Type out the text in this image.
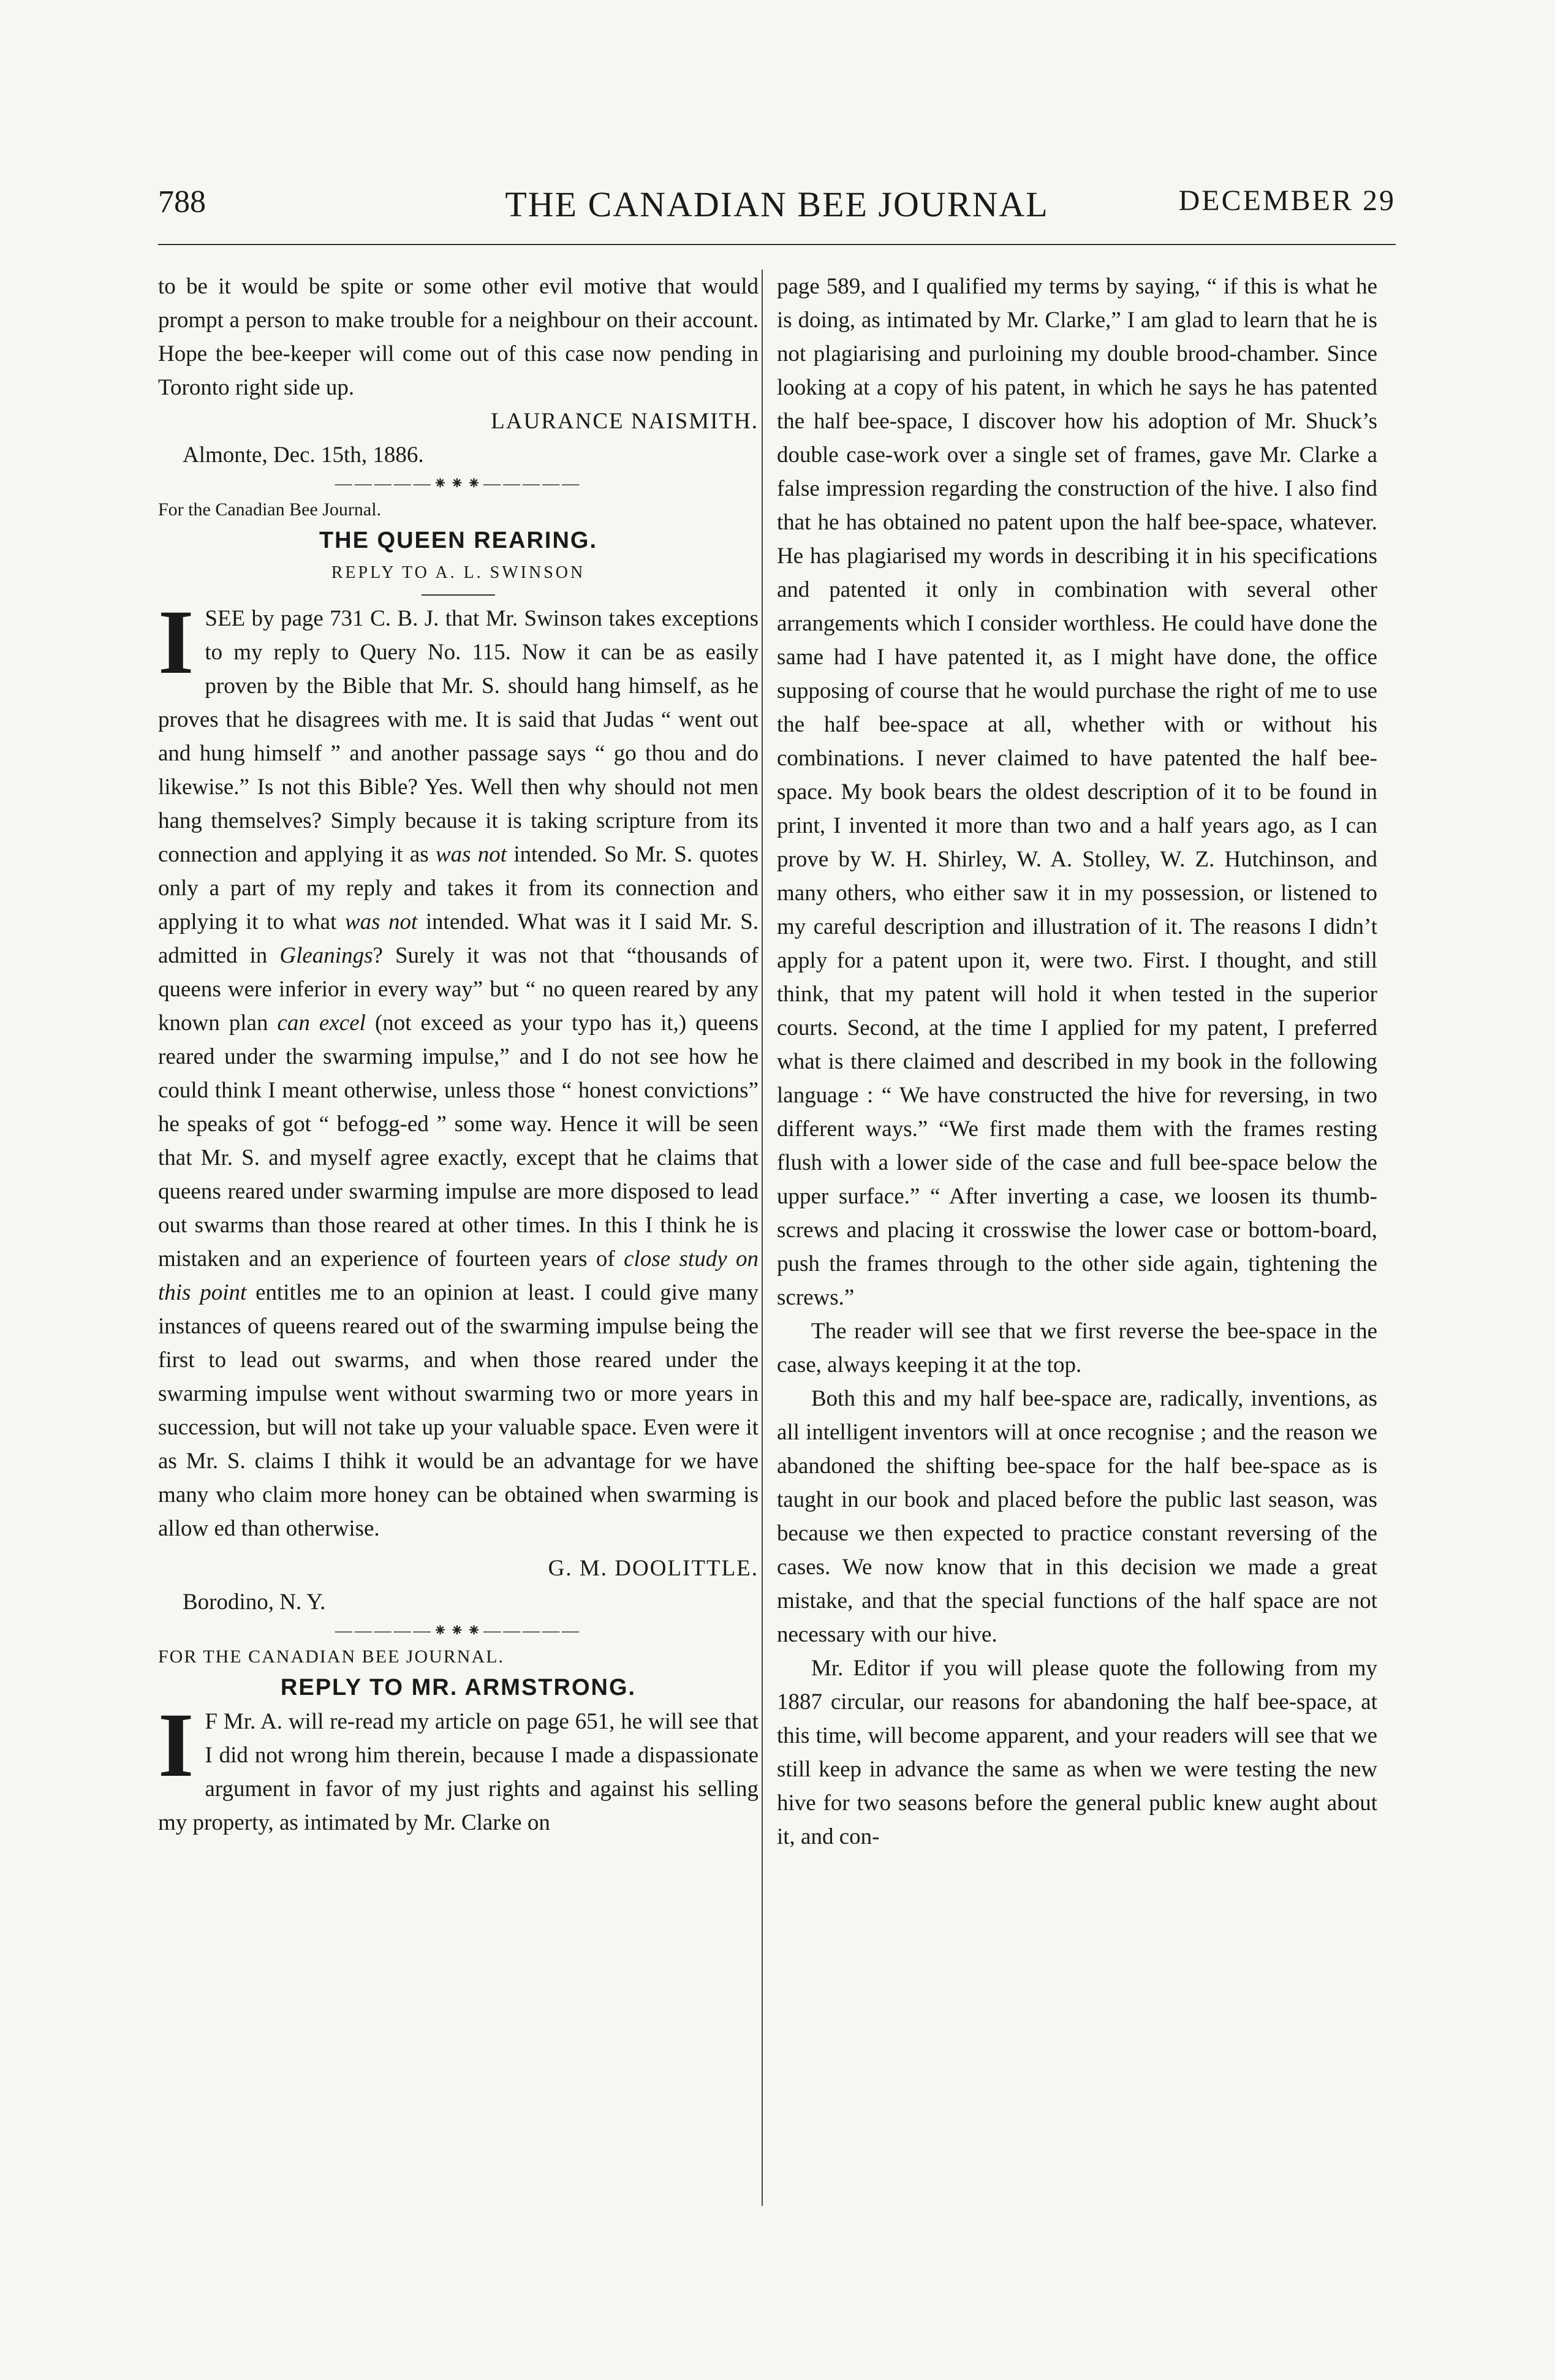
788	THE CANADIAN BEE JOURNAL	DECEMBER 29

to be it would be spite or some other evil motive that would prompt a person to make trouble for a neighbour on their account. Hope the bee-keeper will come out of this case now pending in Toronto right side up.

LAURANCE NAISMITH.

Almonte, Dec. 15th, 1886.

—————⁕⁕⁕—————

For the Canadian Bee Journal.

THE QUEEN REARING.
REPLY TO A. L. SWINSON
I SEE by page 731 C. B. J. that Mr. Swinson takes exceptions to my reply to Query No. 115. Now it can be as easily proven by the Bible that Mr. S. should hang himself, as he proves that he disagrees with me. It is said that Judas “ went out and hung himself ” and another passage says “ go thou and do likewise.” Is not this Bible? Yes. Well then why should not men hang themselves? Simply because it is taking scripture from its connection and applying it as was not intended. So Mr. S. quotes only a part of my reply and takes it from its connection and applying it to what was not intended. What was it I said Mr. S. admitted in Gleanings? Surely it was not that “thousands of queens were inferior in every way” but “ no queen reared by any known plan can excel (not exceed as your typo has it,) queens reared under the swarming impulse,” and I do not see how he could think I meant otherwise, unless those “ honest convictions” he speaks of got “ befogg-ed ” some way. Hence it will be seen that Mr. S. and myself agree exactly, except that he claims that queens reared under swarming impulse are more disposed to lead out swarms than those reared at other times. In this I think he is mistaken and an experience of fourteen years of close study on this point entitles me to an opinion at least. I could give many instances of queens reared out of the swarming impulse being the first to lead out swarms, and when those reared under the swarming impulse went without swarming two or more years in succession, but will not take up your valuable space. Even were it as Mr. S. claims I thihk it would be an advantage for we have many who claim more honey can be obtained when swarming is allow ed than otherwise.

G. M. DOOLITTLE.

Borodino, N. Y.

—————⁕⁕⁕—————

FOR THE CANADIAN BEE JOURNAL.

REPLY TO MR. ARMSTRONG.
I F Mr. A. will re-read my article on page 651, he will see that I did not wrong him therein, because I made a dispassionate argument in favor of my just rights and against his selling my property, as intimated by Mr. Clarke on

page 589, and I qualified my terms by saying, “ if this is what he is doing, as intimated by Mr. Clarke,” I am glad to learn that he is not plagiarising and purloining my double brood-chamber. Since looking at a copy of his patent, in which he says he has patented the half bee-space, I discover how his adoption of Mr. Shuck’s double case-work over a single set of frames, gave Mr. Clarke a false impression regarding the construction of the hive. I also find that he has obtained no patent upon the half bee-space, whatever. He has plagiarised my words in describing it in his specifications and patented it only in combination with several other arrangements which I consider worthless. He could have done the same had I have patented it, as I might have done, the office supposing of course that he would purchase the right of me to use the half bee-space at all, whether with or without his combinations. I never claimed to have patented the half bee-space. My book bears the oldest description of it to be found in print, I invented it more than two and a half years ago, as I can prove by W. H. Shirley, W. A. Stolley, W. Z. Hutchinson, and many others, who either saw it in my possession, or listened to my careful description and illustration of it. The reasons I didn’t apply for a patent upon it, were two. First. I thought, and still think, that my patent will hold it when tested in the superior courts. Second, at the time I applied for my patent, I preferred what is there claimed and described in my book in the following language : “ We have constructed the hive for reversing, in two different ways.” “We first made them with the frames resting flush with a lower side of the case and full bee-space below the upper surface.” “ After inverting a case, we loosen its thumb-screws and placing it crosswise the lower case or bottom-board, push the frames through to the other side again, tightening the screws.”

The reader will see that we first reverse the bee-space in the case, always keeping it at the top.

Both this and my half bee-space are, radically, inventions, as all intelligent inventors will at once recognise ; and the reason we abandoned the shifting bee-space for the half bee-space as is taught in our book and placed before the public last season, was because we then expected to practice constant reversing of the cases. We now know that in this decision we made a great mistake, and that the special functions of the half space are not necessary with our hive.

Mr. Editor if you will please quote the following from my 1887 circular, our reasons for abandoning the half bee-space, at this time, will become apparent, and your readers will see that we still keep in advance the same as when we were testing the new hive for two seasons before the general public knew aught about it, and con-
